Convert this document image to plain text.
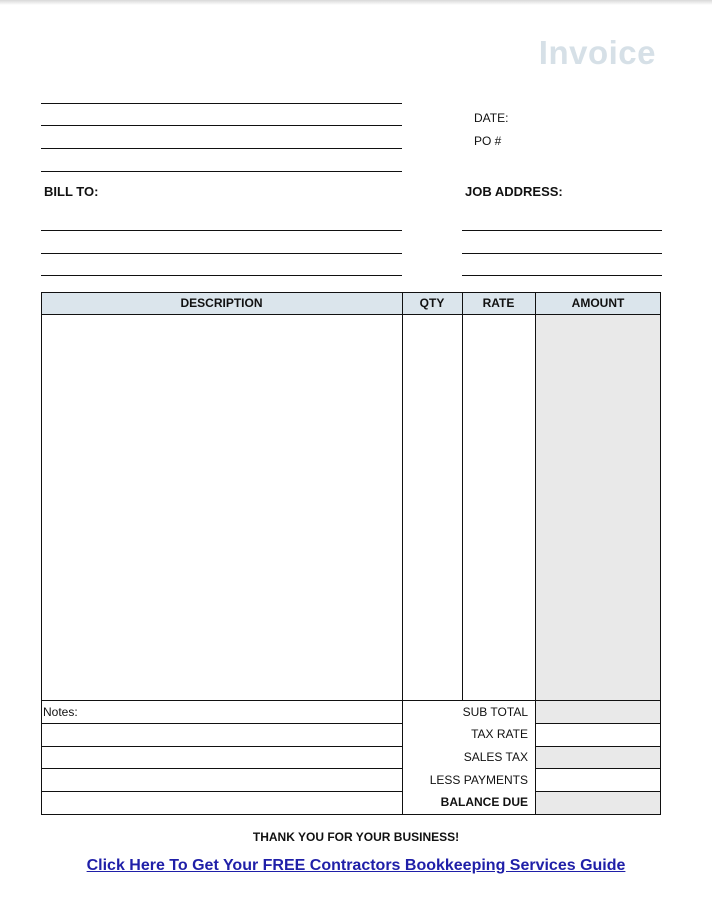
Invoice
DATE:
PO #
BILL TO:	JOB ADDRESS:
DESCRIPTION	QTY	RATE	AMOUNT
Notes:	SUB TOTAL
TAX RATE
SALES TAX
LESS PAYMENTS
BALANCE DUE
THANK YOU FOR YOUR BUSINESS!
Click Here To Get Your FREE Contractors Bookkeeping Services Guide
